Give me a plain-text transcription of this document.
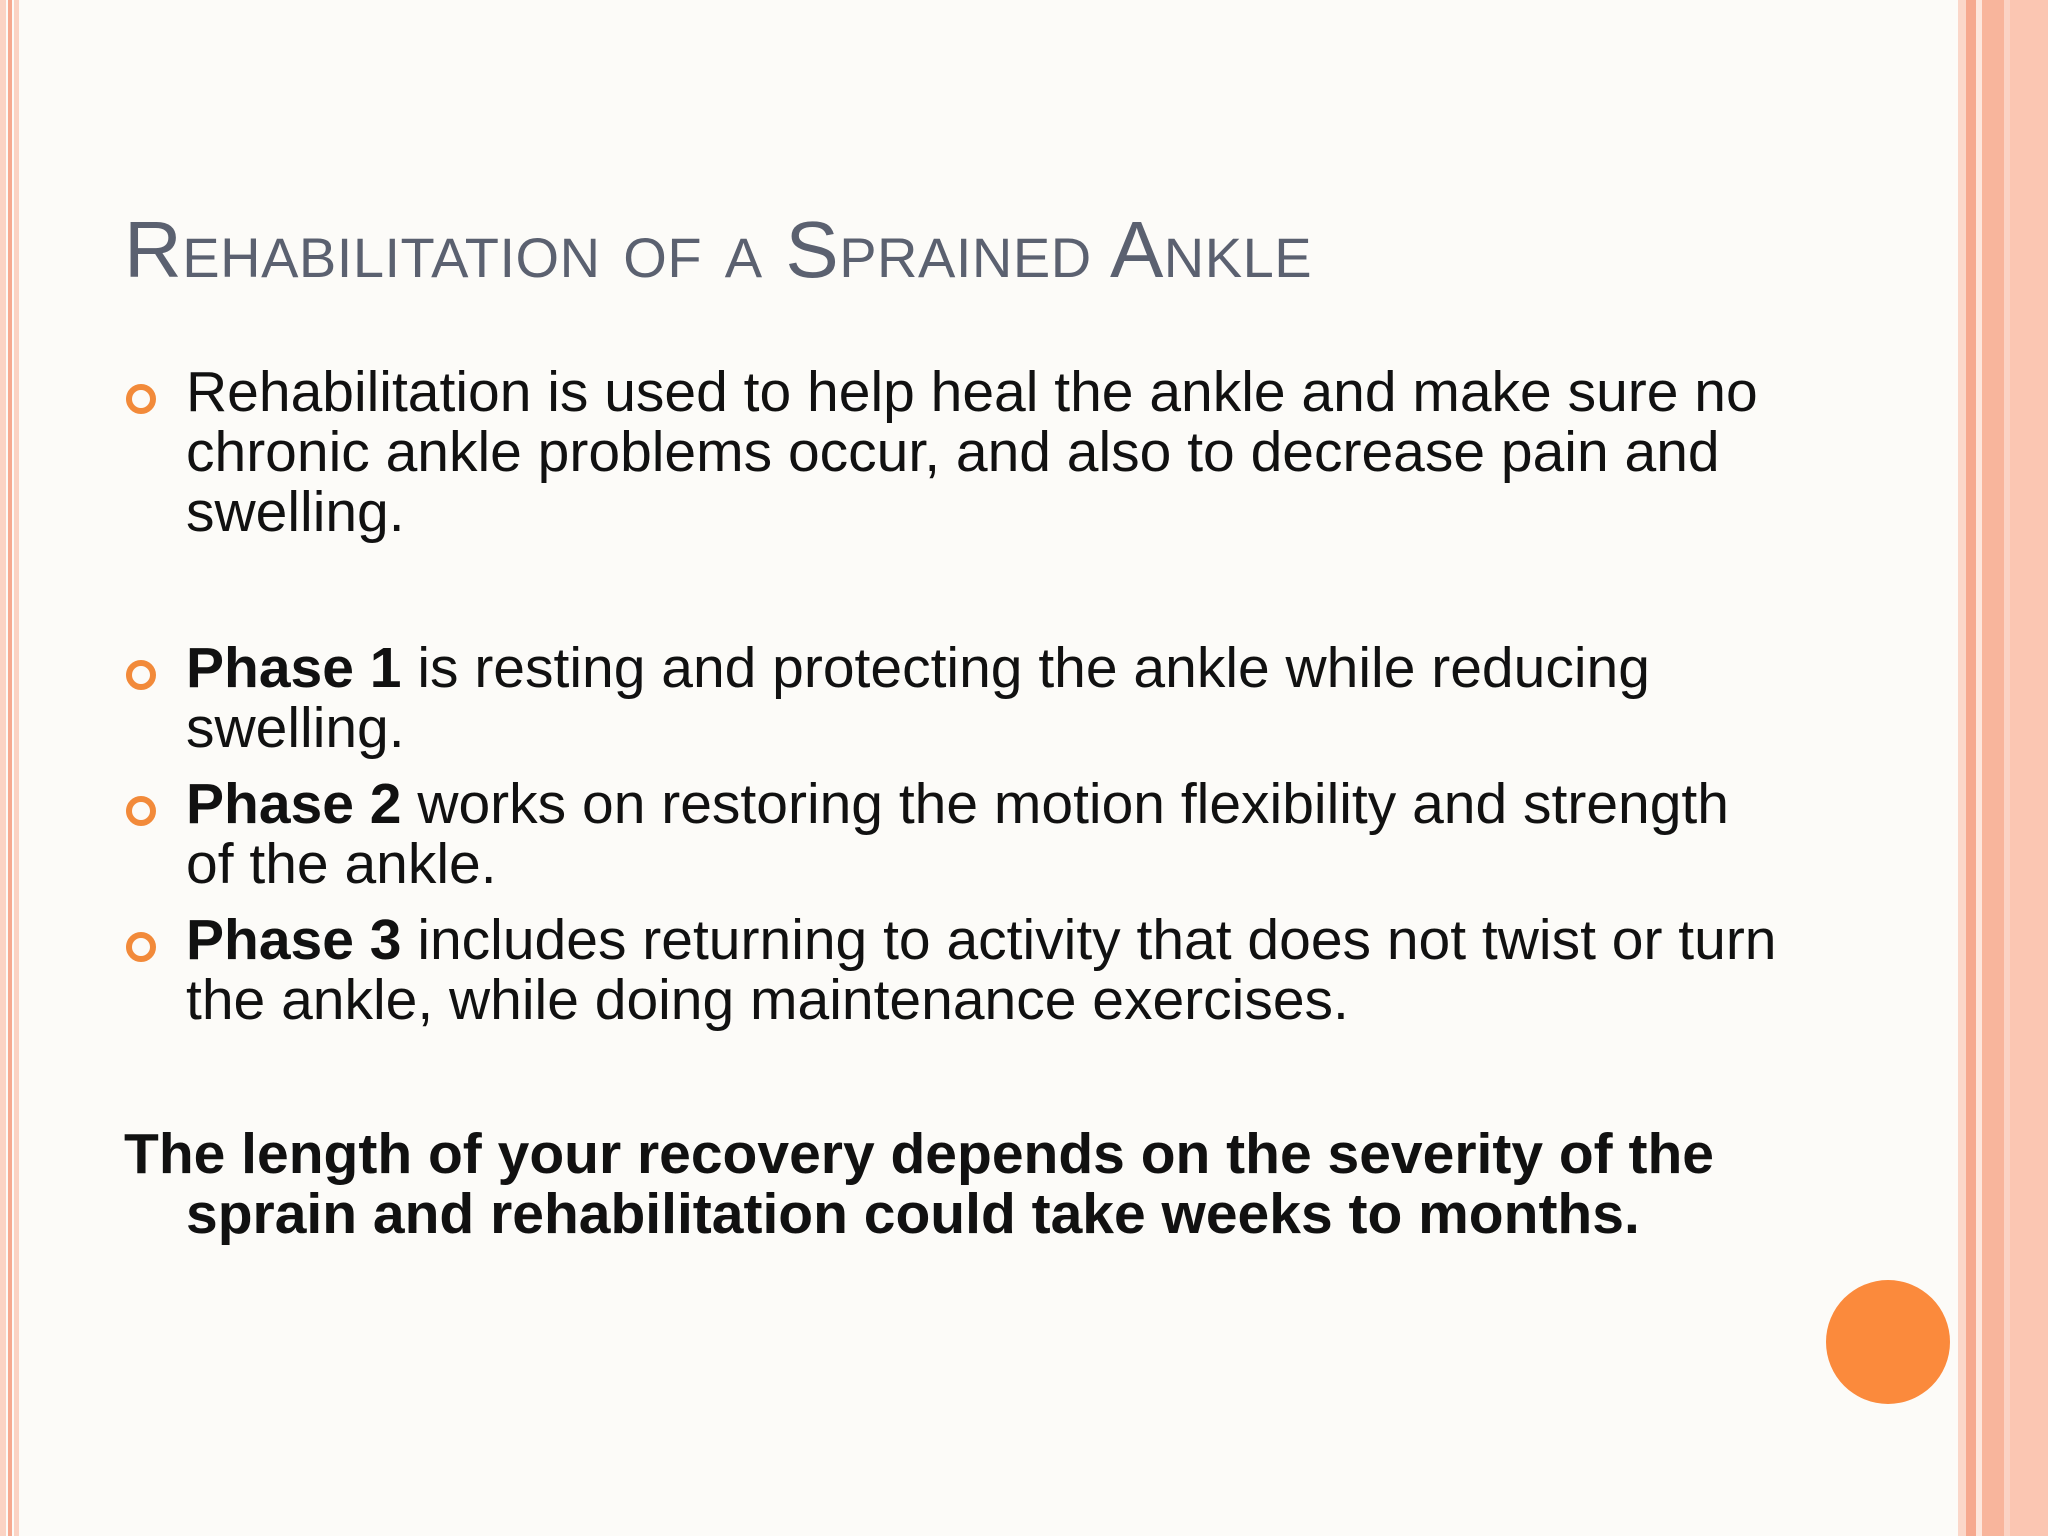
Rehabilitation of a Sprained Ankle
Rehabilitation is used to help heal the ankle and make sure no chronic ankle problems occur, and also to decrease pain and swelling.
Phase 1 is resting and protecting the ankle while reducing swelling.
Phase 2 works on restoring the motion flexibility and strength of the ankle.
Phase 3 includes returning to activity that does not twist or turn the ankle, while doing maintenance exercises.

The length of your recovery depends on the severity of the sprain and rehabilitation could take weeks to months.
